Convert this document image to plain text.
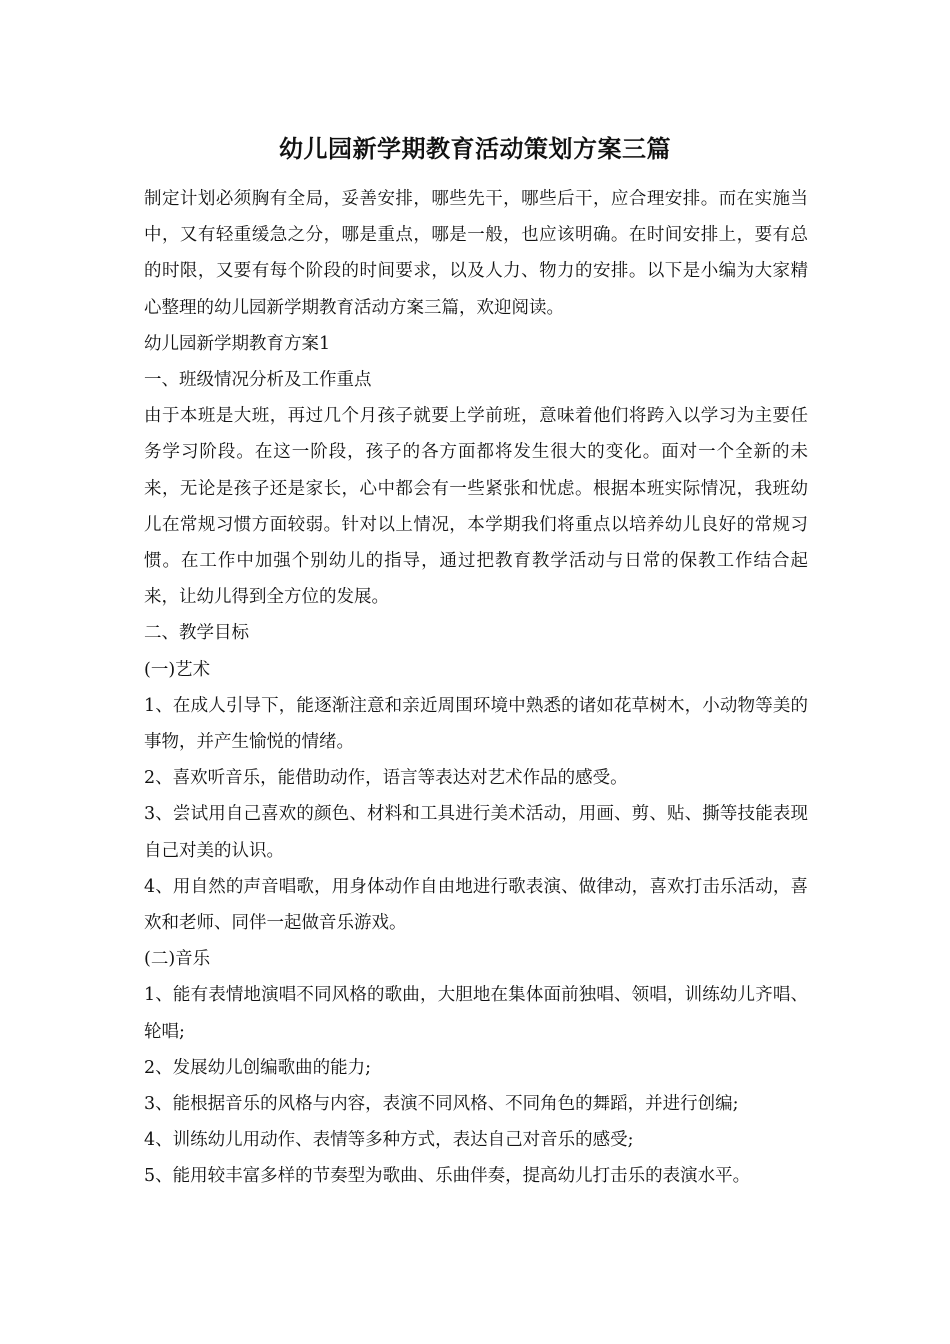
幼儿园新学期教育活动策划方案三篇

制定计划必须胸有全局，妥善安排，哪些先干，哪些后干，应合理安排。而在实施当中，又有轻重缓急之分，哪是重点，哪是一般，也应该明确。在时间安排上，要有总的时限，又要有每个阶段的时间要求，以及人力、物力的安排。以下是小编为大家精心整理的幼儿园新学期教育活动方案三篇，欢迎阅读。

幼儿园新学期教育方案1

一、班级情况分析及工作重点

由于本班是大班，再过几个月孩子就要上学前班，意味着他们将跨入以学习为主要任务学习阶段。在这一阶段，孩子的各方面都将发生很大的变化。面对一个全新的未来，无论是孩子还是家长，心中都会有一些紧张和忧虑。根据本班实际情况，我班幼儿在常规习惯方面较弱。针对以上情况，本学期我们将重点以培养幼儿良好的常规习惯。在工作中加强个别幼儿的指导，通过把教育教学活动与日常的保教工作结合起来，让幼儿得到全方位的发展。

二、教学目标

(一)艺术

1、在成人引导下，能逐渐注意和亲近周围环境中熟悉的诸如花草树木，小动物等美的事物，并产生愉悦的情绪。

2、喜欢听音乐，能借助动作，语言等表达对艺术作品的感受。

3、尝试用自己喜欢的颜色、材料和工具进行美术活动，用画、剪、贴、撕等技能表现自己对美的认识。

4、用自然的声音唱歌，用身体动作自由地进行歌表演、做律动，喜欢打击乐活动，喜欢和老师、同伴一起做音乐游戏。

(二)音乐

1、能有表情地演唱不同风格的歌曲，大胆地在集体面前独唱、领唱，训练幼儿齐唱、轮唱;

2、发展幼儿创编歌曲的能力;

3、能根据音乐的风格与内容，表演不同风格、不同角色的舞蹈，并进行创编;

4、训练幼儿用动作、表情等多种方式，表达自己对音乐的感受;

5、能用较丰富多样的节奏型为歌曲、乐曲伴奏，提高幼儿打击乐的表演水平。
